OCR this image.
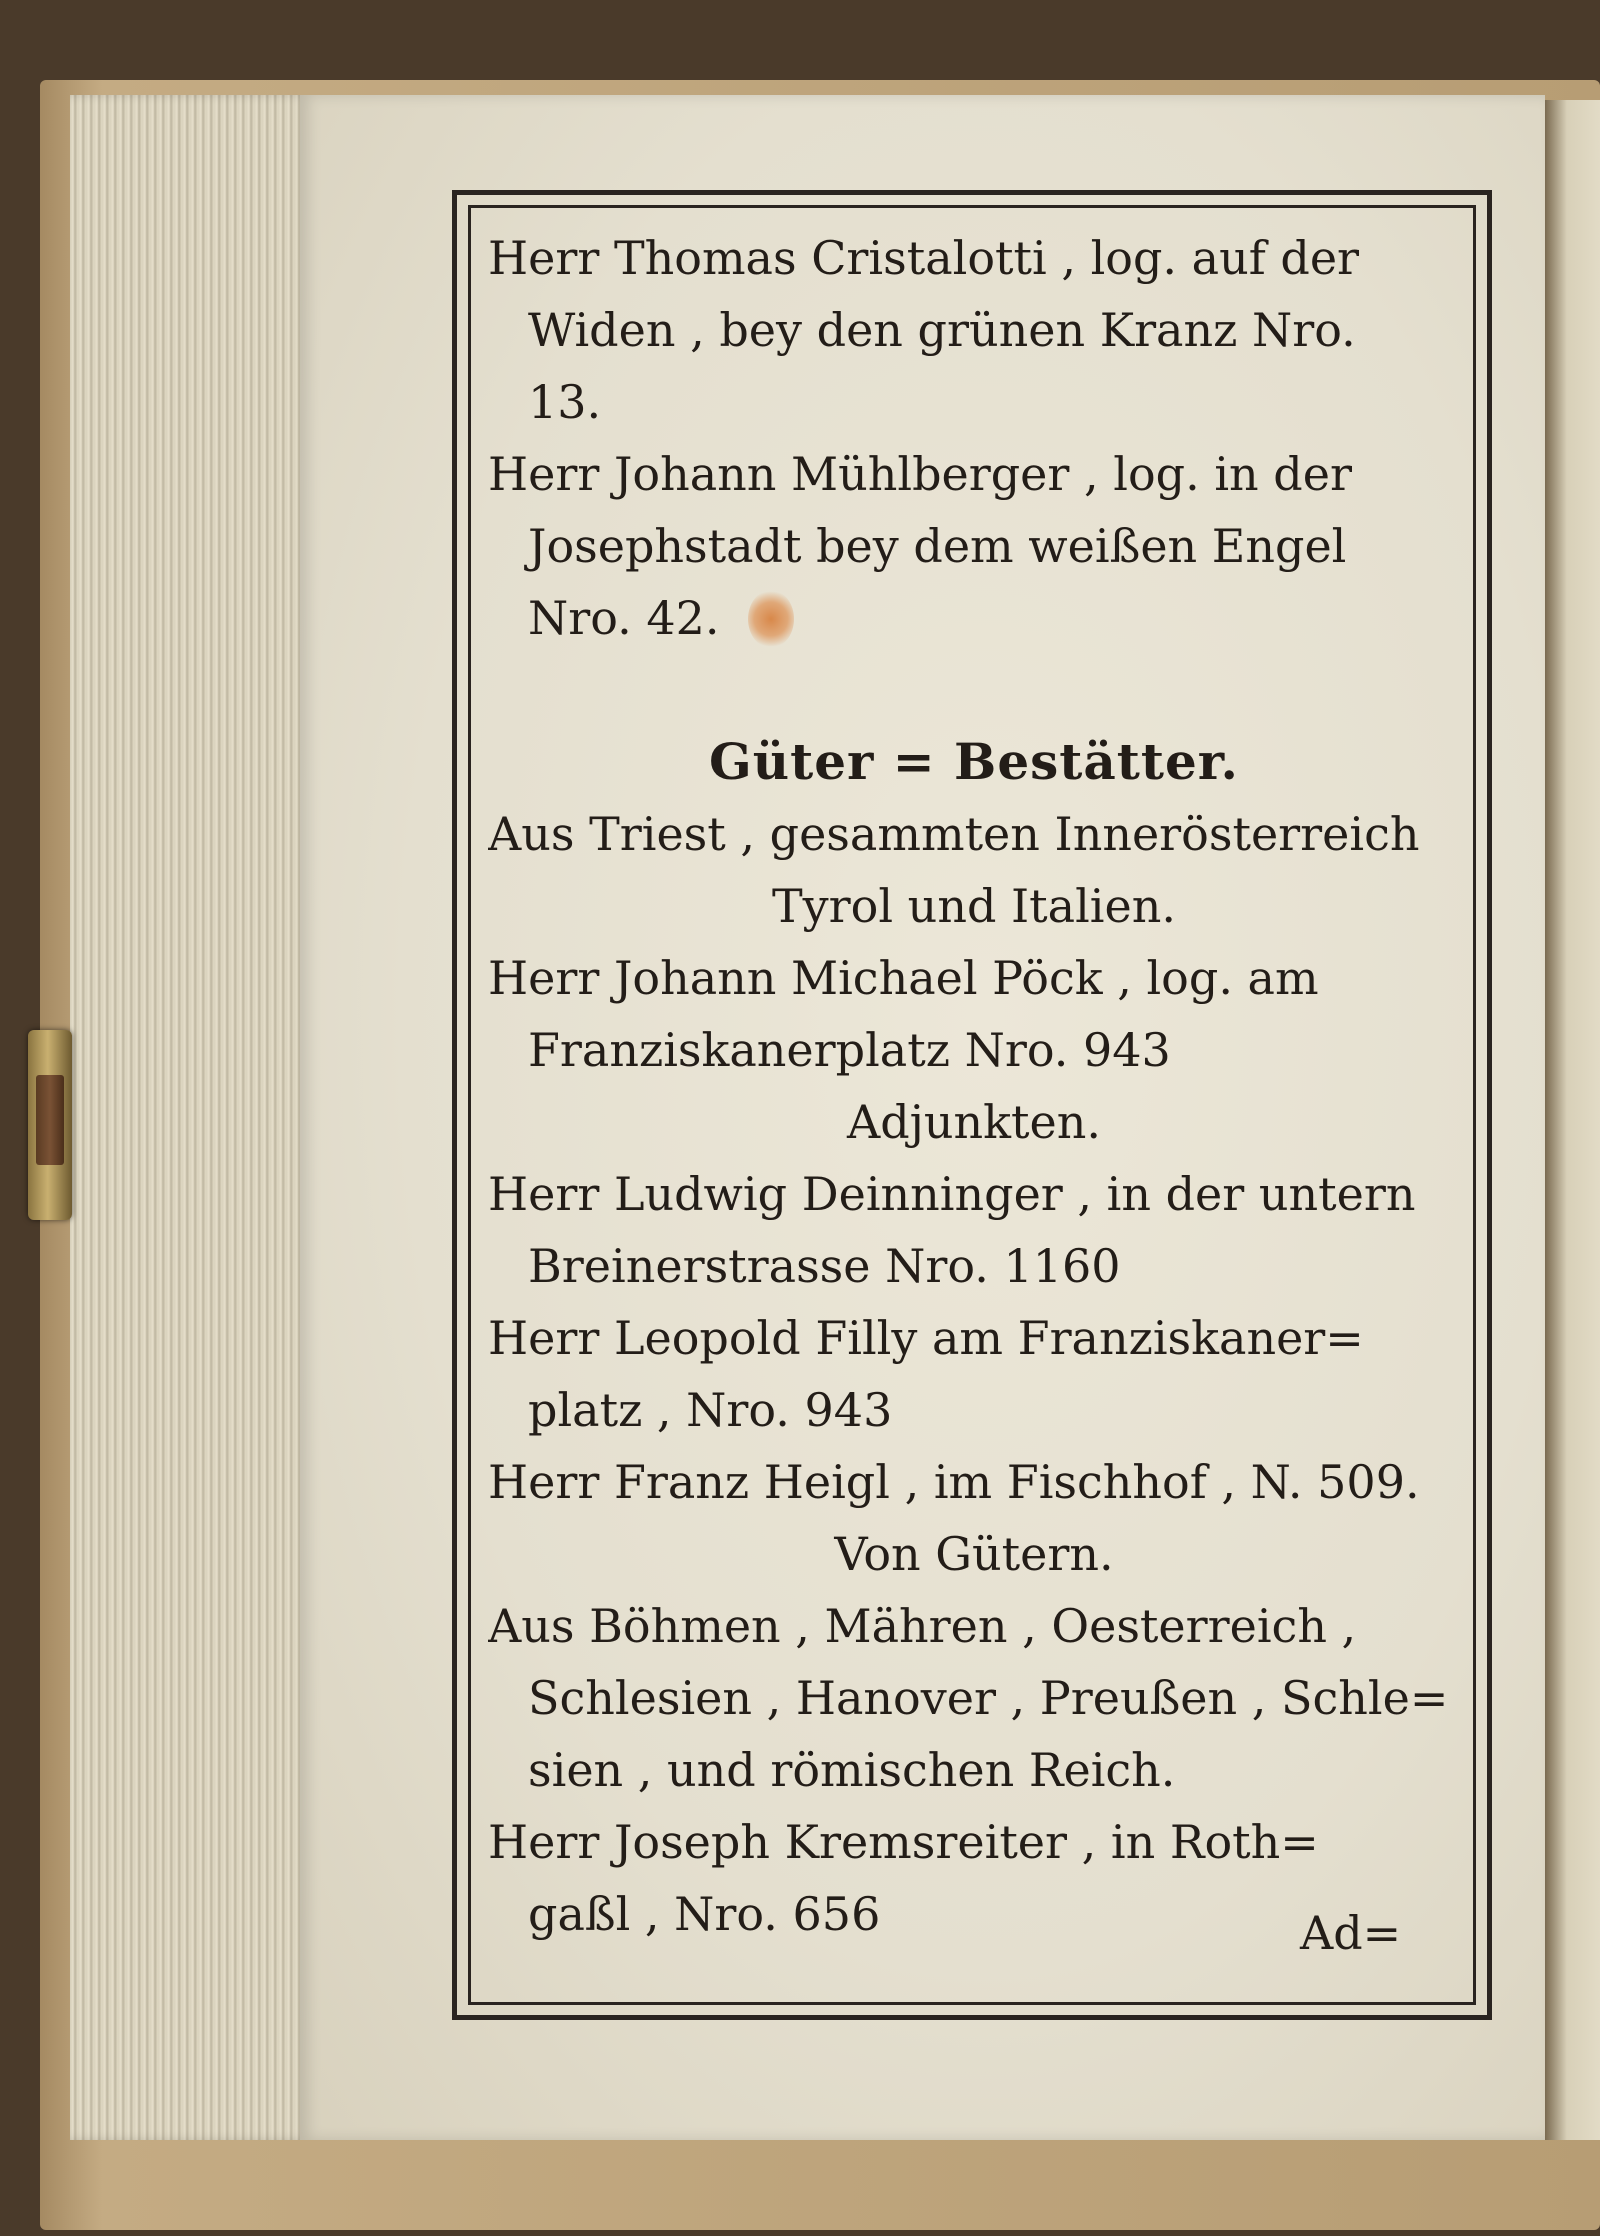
Herr Thomas Cristalotti , log. auf der
Widen , bey den grünen Kranz Nro.
13.
Herr Johann Mühlberger , log. in der
Josephstadt bey dem weißen Engel
Nro. 42.
Güter = Bestätter.
Aus Triest , gesammten Innerösterreich
Tyrol und Italien.
Herr Johann Michael Pöck , log. am
Franziskanerplatz Nro. 943
Adjunkten.
Herr Ludwig Deinninger , in der untern
Breinerstrasse Nro. 1160
Herr Leopold Filly am Franziskaner=
platz , Nro. 943
Herr Franz Heigl , im Fischhof , N. 509.
Von Gütern.
Aus Böhmen , Mähren , Oesterreich ,
Schlesien , Hanover , Preußen , Schle=
sien , und römischen Reich.
Herr Joseph Kremsreiter , in Roth=
gaßl , Nro. 656	Ad=
